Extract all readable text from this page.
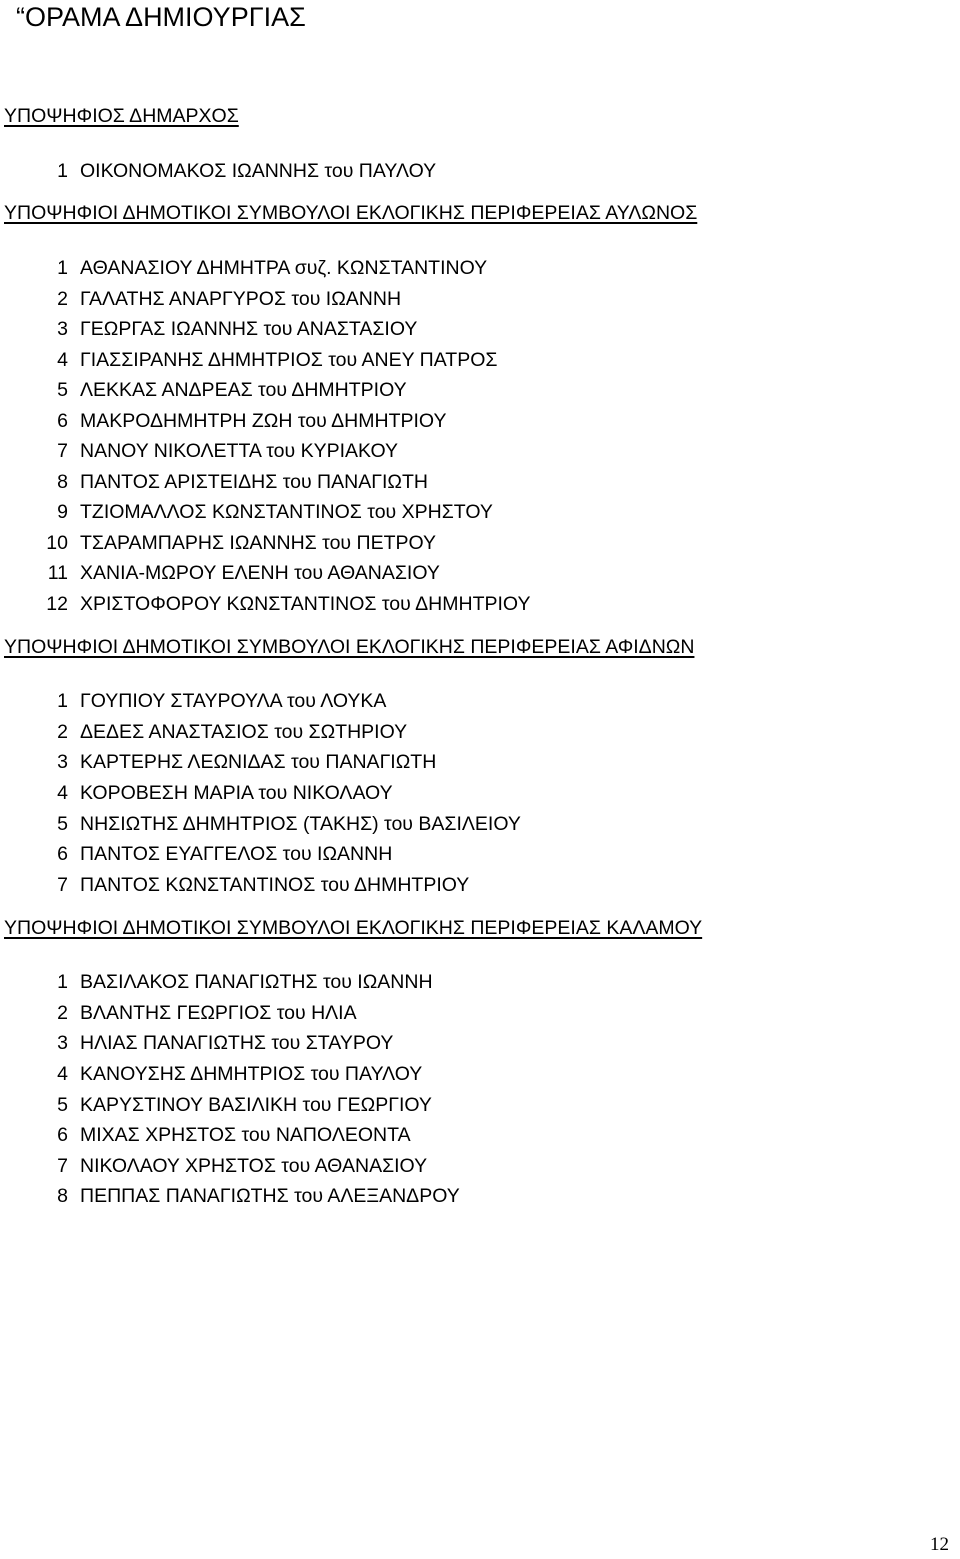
“ΟΡΑΜΑ ΔΗΜΙΟΥΡΓΙΑΣ
ΥΠΟΨΗΦΙΟΣ ΔΗΜΑΡΧΟΣ
1 ΟΙΚΟΝΟΜΑΚΟΣ ΙΩΑΝΝΗΣ του ΠΑΥΛΟΥ
ΥΠΟΨΗΦΙΟΙ ΔΗΜΟΤΙΚΟΙ ΣΥΜΒΟΥΛΟΙ ΕΚΛΟΓΙΚΗΣ ΠΕΡΙΦΕΡΕΙΑΣ ΑΥΛΩΝΟΣ
1 ΑΘΑΝΑΣΙΟΥ ΔΗΜΗΤΡΑ συζ. ΚΩΝΣΤΑΝΤΙΝΟΥ
2 ΓΑΛΑΤΗΣ ΑΝΑΡΓΥΡΟΣ του ΙΩΑΝΝΗ
3 ΓΕΩΡΓΑΣ ΙΩΑΝΝΗΣ του ΑΝΑΣΤΑΣΙΟΥ
4 ΓΙΑΣΣΙΡΑΝΗΣ ΔΗΜΗΤΡΙΟΣ του ΑΝΕΥ ΠΑΤΡΟΣ
5 ΛΕΚΚΑΣ ΑΝΔΡΕΑΣ του ΔΗΜΗΤΡΙΟΥ
6 ΜΑΚΡΟΔΗΜΗΤΡΗ ΖΩΗ του ΔΗΜΗΤΡΙΟΥ
7 ΝΑΝΟΥ ΝΙΚΟΛΕΤΤΑ του ΚΥΡΙΑΚΟΥ
8 ΠΑΝΤΟΣ ΑΡΙΣΤΕΙΔΗΣ του ΠΑΝΑΓΙΩΤΗ
9 ΤΖΙΟΜΑΛΛΟΣ ΚΩΝΣΤΑΝΤΙΝΟΣ του ΧΡΗΣΤΟΥ
10 ΤΣΑΡΑΜΠΑΡΗΣ ΙΩΑΝΝΗΣ του ΠΕΤΡΟΥ
11 ΧΑΝΙΑ-ΜΩΡΟΥ ΕΛΕΝΗ του ΑΘΑΝΑΣΙΟΥ
12 ΧΡΙΣΤΟΦΟΡΟΥ ΚΩΝΣΤΑΝΤΙΝΟΣ του ΔΗΜΗΤΡΙΟΥ
ΥΠΟΨΗΦΙΟΙ ΔΗΜΟΤΙΚΟΙ ΣΥΜΒΟΥΛΟΙ ΕΚΛΟΓΙΚΗΣ ΠΕΡΙΦΕΡΕΙΑΣ ΑΦΙΔΝΩΝ
1 ΓΟΥΠΙΟΥ ΣΤΑΥΡΟΥΛΑ του ΛΟΥΚΑ
2 ΔΕΔΕΣ ΑΝΑΣΤΑΣΙΟΣ του ΣΩΤΗΡΙΟΥ
3 ΚΑΡΤΕΡΗΣ ΛΕΩΝΙΔΑΣ του ΠΑΝΑΓΙΩΤΗ
4 ΚΟΡΟΒΕΣΗ ΜΑΡΙΑ του ΝΙΚΟΛΑΟΥ
5 ΝΗΣΙΩΤΗΣ ΔΗΜΗΤΡΙΟΣ (ΤΑΚΗΣ) του ΒΑΣΙΛΕΙΟΥ
6 ΠΑΝΤΟΣ ΕΥΑΓΓΕΛΟΣ του ΙΩΑΝΝΗ
7 ΠΑΝΤΟΣ ΚΩΝΣΤΑΝΤΙΝΟΣ του ΔΗΜΗΤΡΙΟΥ
ΥΠΟΨΗΦΙΟΙ ΔΗΜΟΤΙΚΟΙ ΣΥΜΒΟΥΛΟΙ ΕΚΛΟΓΙΚΗΣ ΠΕΡΙΦΕΡΕΙΑΣ ΚΑΛΑΜΟΥ
1 ΒΑΣΙΛΑΚΟΣ ΠΑΝΑΓΙΩΤΗΣ του ΙΩΑΝΝΗ
2 ΒΛΑΝΤΗΣ ΓΕΩΡΓΙΟΣ του ΗΛΙΑ
3 ΗΛΙΑΣ ΠΑΝΑΓΙΩΤΗΣ του ΣΤΑΥΡΟΥ
4 ΚΑΝΟΥΣΗΣ ΔΗΜΗΤΡΙΟΣ του ΠΑΥΛΟΥ
5 ΚΑΡΥΣΤΙΝΟΥ ΒΑΣΙΛΙΚΗ του ΓΕΩΡΓΙΟΥ
6 ΜΙΧΑΣ ΧΡΗΣΤΟΣ του ΝΑΠΟΛΕΟΝΤΑ
7 ΝΙΚΟΛΑΟΥ ΧΡΗΣΤΟΣ του ΑΘΑΝΑΣΙΟΥ
8 ΠΕΠΠΑΣ ΠΑΝΑΓΙΩΤΗΣ του ΑΛΕΞΑΝΔΡΟΥ
12
